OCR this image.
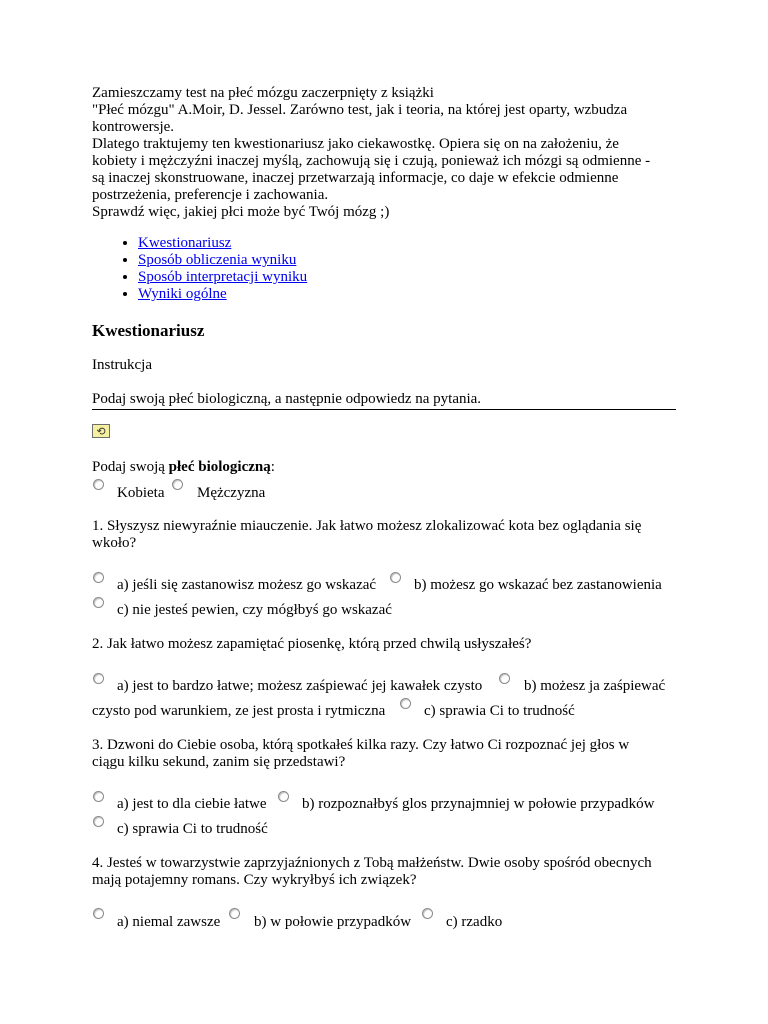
Zamieszczamy test na płeć mózgu zaczerpnięty z książki
"Płeć mózgu" A.Moir, D. Jessel. Zarówno test, jak i teoria, na której jest oparty, wzbudza
kontrowersje.
Dlatego traktujemy ten kwestionariusz jako ciekawostkę. Opiera się on na założeniu, że
kobiety i mężczyźni inaczej myślą, zachowują się i czują, ponieważ ich mózgi są odmienne -
są inaczej skonstruowane, inaczej przetwarzają informacje, co daje w efekcie odmienne
postrzeżenia, preferencje i zachowania.
Sprawdź więc, jakiej płci może być Twój mózg ;)
• Kwestionariusz
• Sposób obliczenia wyniku
• Sposób interpretacji wyniku
• Wyniki ogólne
Kwestionariusz

Instrukcja

Podaj swoją płeć biologiczną, a następnie odpowiedz na pytania.

⟲

Podaj swoją płeć biologiczną:

Kobieta Mężczyzna

1. Słyszysz niewyraźnie miauczenie. Jak łatwo możesz zlokalizować kota bez oglądania się
wkoło?

a) jeśli się zastanowisz możesz go wskazać	b) możesz go wskazać bez zastanowienia
c) nie jesteś pewien, czy mógłbyś go wskazać

2. Jak łatwo możesz zapamiętać piosenkę, którą przed chwilą usłyszałeś?

a) jest to bardzo łatwe; możesz zaśpiewać jej kawałek czysto	b) możesz ja zaśpiewać
czysto pod warunkiem, ze jest prosta i rytmiczna	c) sprawia Ci to trudność

3. Dzwoni do Ciebie osoba, którą spotkałeś kilka razy. Czy łatwo Ci rozpoznać jej głos w
ciągu kilku sekund, zanim się przedstawi?

a) jest to dla ciebie łatwe b) rozpoznałbyś glos przynajmniej w połowie przypadków
c) sprawia Ci to trudność

4. Jesteś w towarzystwie zaprzyjaźnionych z Tobą małżeństw. Dwie osoby spośród obecnych
mają potajemny romans. Czy wykryłbyś ich związek?

a) niemal zawsze b) w połowie przypadków c) rzadko
